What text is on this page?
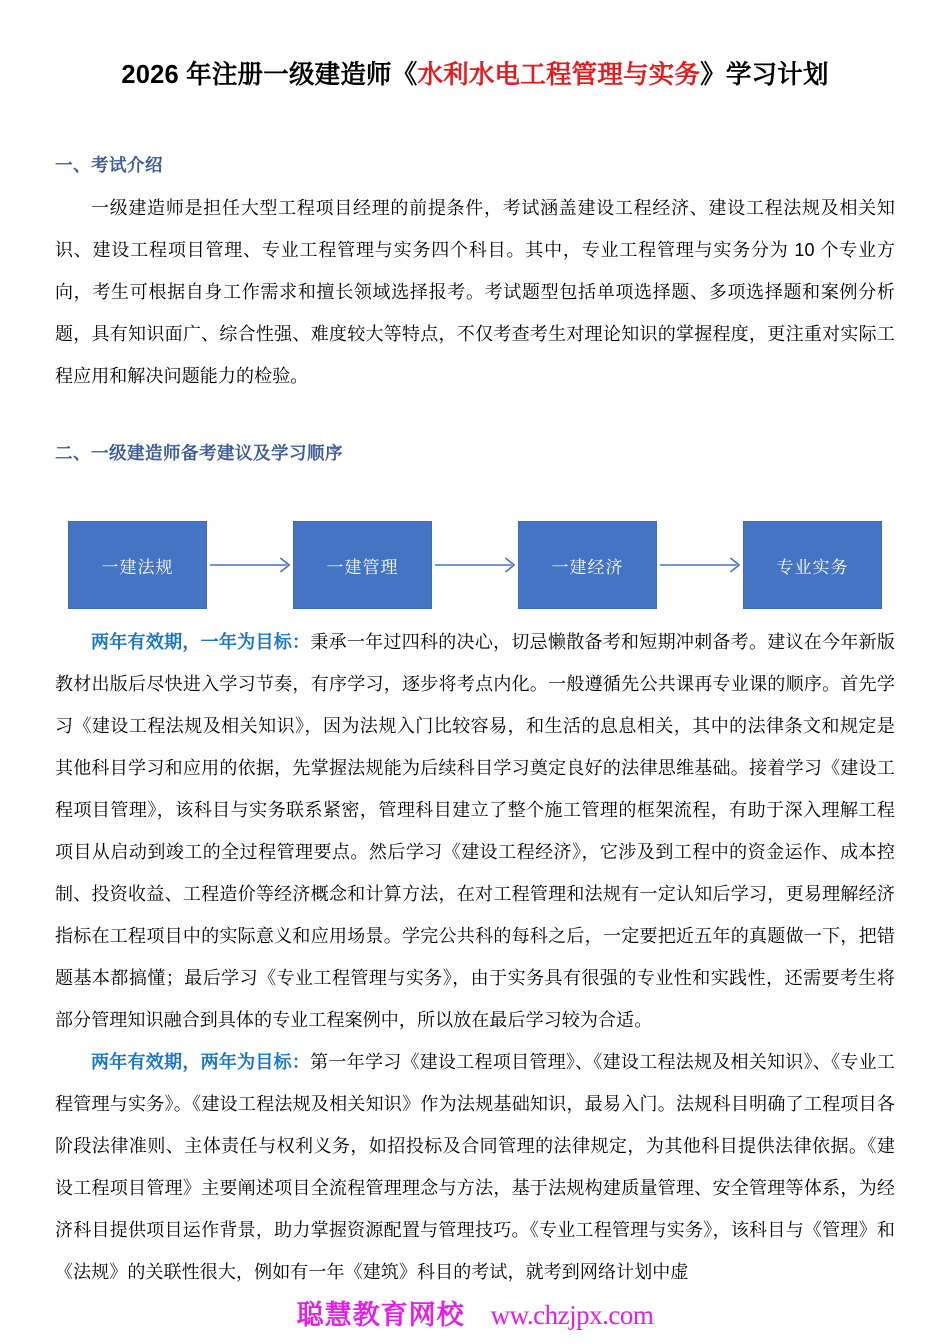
2026 年注册一级建造师《水利水电工程管理与实务》学习计划
一、考试介绍

一级建造师是担任大型工程项目经理的前提条件，考试涵盖建设工程经济、建设工程法规及相关知识、建设工程项目管理、专业工程管理与实务四个科目。其中，专业工程管理与实务分为 10 个专业方向，考生可根据自身工作需求和擅长领域选择报考。考试题型包括单项选择题、多项选择题和案例分析题，具有知识面广、综合性强、难度较大等特点，不仅考查考生对理论知识的掌握程度，更注重对实际工程应用和解决问题能力的检验。

二、一级建造师备考建议及学习顺序
一建法规	一建管理	一建经济	专业实务

两年有效期，一年为目标：秉承一年过四科的决心，切忌懒散备考和短期冲刺备考。建议在今年新版教材出版后尽快进入学习节奏，有序学习，逐步将考点内化。一般遵循先公共课再专业课的顺序。首先学习《建设工程法规及相关知识》，因为法规入门比较容易，和生活的息息相关，其中的法律条文和规定是其他科目学习和应用的依据，先掌握法规能为后续科目学习奠定良好的法律思维基础。接着学习《建设工程项目管理》，该科目与实务联系紧密，管理科目建立了整个施工管理的框架流程，有助于深入理解工程项目从启动到竣工的全过程管理要点。然后学习《建设工程经济》，它涉及到工程中的资金运作、成本控制、投资收益、工程造价等经济概念和计算方法，在对工程管理和法规有一定认知后学习，更易理解经济指标在工程项目中的实际意义和应用场景。学完公共科的每科之后，一定要把近五年的真题做一下，把错题基本都搞懂；最后学习《专业工程管理与实务》，由于实务具有很强的专业性和实践性，还需要考生将部分管理知识融合到具体的专业工程案例中，所以放在最后学习较为合适。

两年有效期，两年为目标：第一年学习《建设工程项目管理》、《建设工程法规及相关知识》、《专业工程管理与实务》。《建设工程法规及相关知识》作为法规基础知识，最易入门。法规科目明确了工程项目各阶段法律准则、主体责任与权利义务，如招投标及合同管理的法律规定，为其他科目提供法律依据。《建设工程项目管理》主要阐述项目全流程管理理念与方法，基于法规构建质量管理、安全管理等体系，为经济科目提供项目运作背景，助力掌握资源配置与管理技巧。《专业工程管理与实务》，该科目与《管理》和《法规》的关联性很大，例如有一年《建筑》科目的考试，就考到网络计划中虚

聪慧教育网校 ww.chzjpx.com
